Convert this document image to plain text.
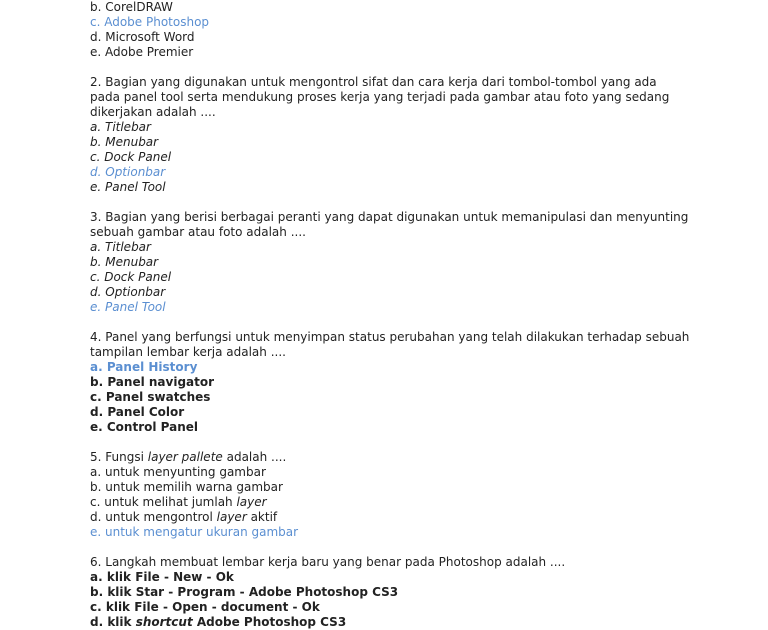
b. CorelDRAW
c. Adobe Photoshop
d. Microsoft Word
e. Adobe Premier
2. Bagian yang digunakan untuk mengontrol sifat dan cara kerja dari tombol-tombol yang ada pada panel tool serta mendukung proses kerja yang terjadi pada gambar atau foto yang sedang dikerjakan adalah ....
a. Titlebar
b. Menubar
c. Dock Panel
d. Optionbar
e. Panel Tool
3. Bagian yang berisi berbagai peranti yang dapat digunakan untuk memanipulasi dan menyunting sebuah gambar atau foto adalah ....
a. Titlebar
b. Menubar
c. Dock Panel
d. Optionbar
e. Panel Tool
4. Panel yang berfungsi untuk menyimpan status perubahan yang telah dilakukan terhadap sebuah tampilan lembar kerja adalah ....
a. Panel History
b. Panel navigator
c. Panel swatches
d. Panel Color
e. Control Panel
5. Fungsi layer pallete adalah ....
a. untuk menyunting gambar
b. untuk memilih warna gambar
c. untuk melihat jumlah layer
d. untuk mengontrol layer aktif
e. untuk mengatur ukuran gambar
6. Langkah membuat lembar kerja baru yang benar pada Photoshop adalah ....
a. klik File - New - Ok
b. klik Star - Program - Adobe Photoshop CS3
c. klik File - Open - document - Ok
d. klik shortcut Adobe Photoshop CS3
